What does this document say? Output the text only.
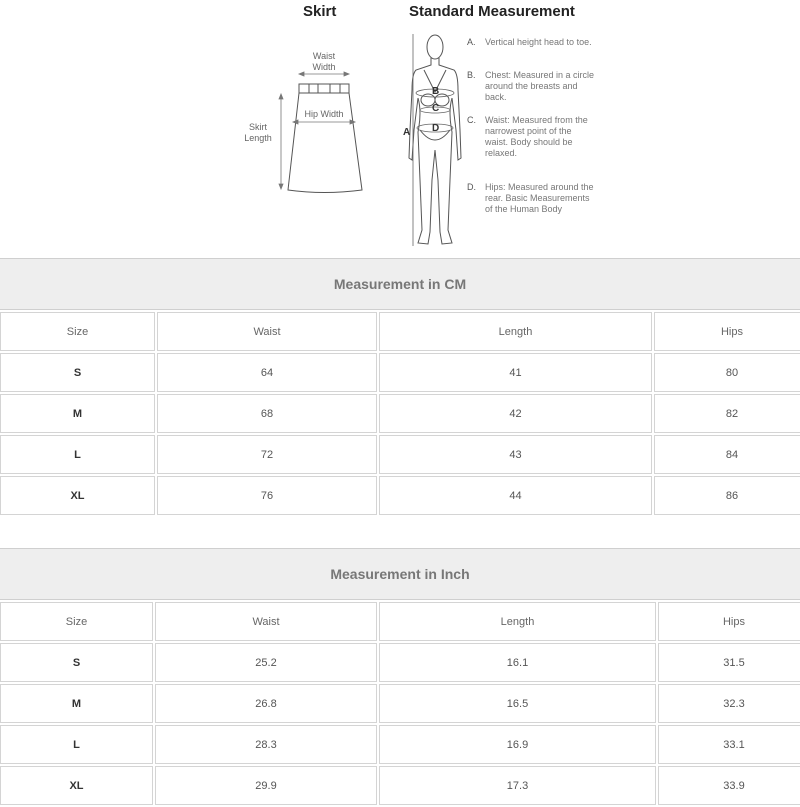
Skirt	Standard Measurement
Waist
Width
Hip Width
Skirt
Length	A
B
C
D
A. Vertical height head to toe.
B. Chest: Measured in a circle around the breasts and back.
C. Waist: Measured from the narrowest point of the waist. Body should be relaxed.
D. Hips: Measured around the rear. Basic Measurements of the Human Body
Measurement in CM
Size	Waist	Length	Hips
S	64	41	80
M	68	42	82
L	72	43	84
XL	76	44	86
Measurement in Inch
Size	Waist	Length	Hips
S	25.2	16.1	31.5
M	26.8	16.5	32.3
L	28.3	16.9	33.1
XL	29.9	17.3	33.9
